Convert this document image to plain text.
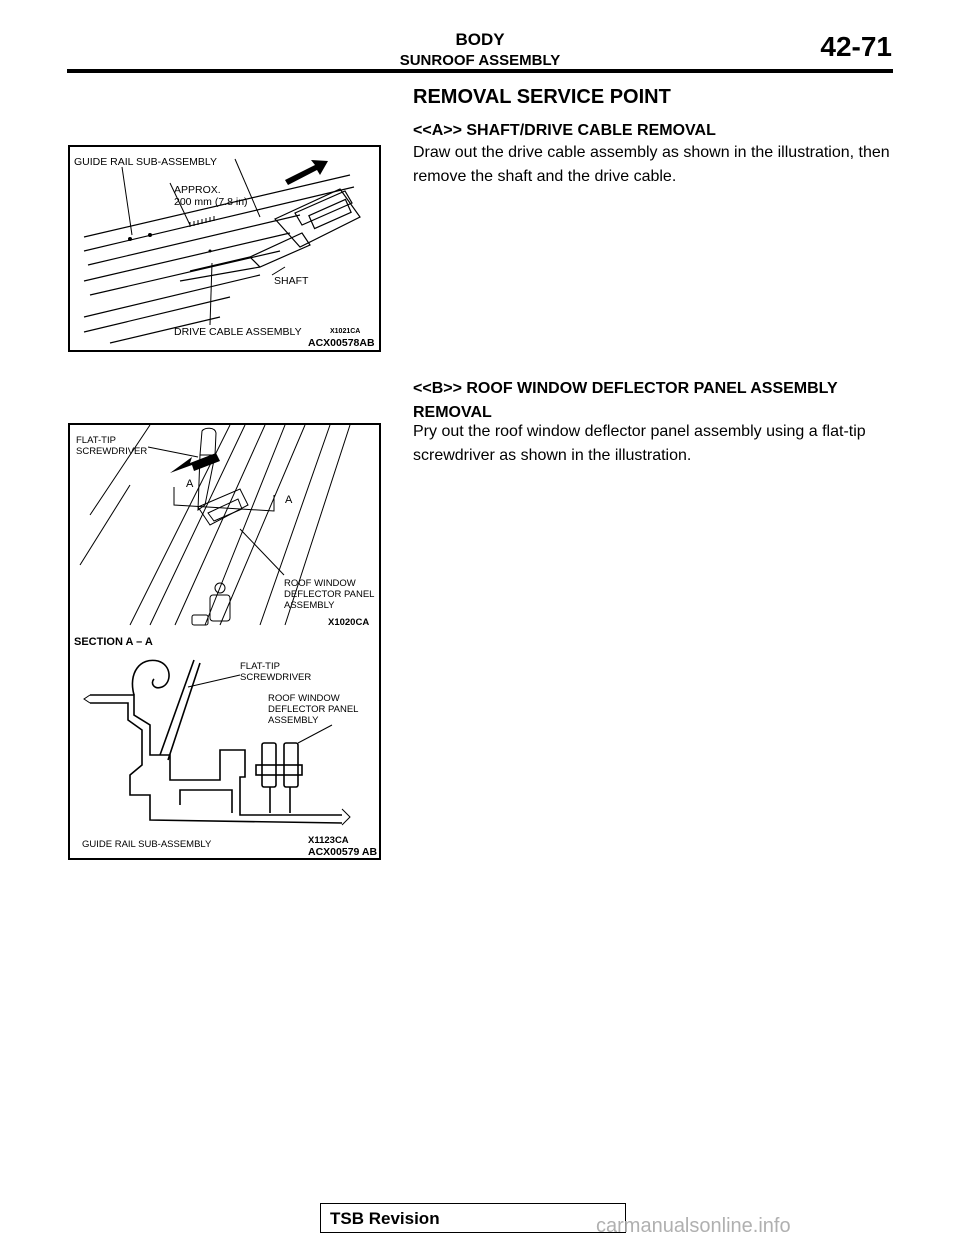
BODY
SUNROOF ASSEMBLY	42-71
REMOVAL SERVICE POINT
<<A>> SHAFT/DRIVE CABLE REMOVAL
Draw out the drive cable assembly as shown in the illustration, then remove the shaft and the drive cable.
<<B>> ROOF WINDOW DEFLECTOR PANEL ASSEMBLY REMOVAL
Pry out the roof window deflector panel assembly using a flat-tip screwdriver as shown in the illustration.
GUIDE RAIL SUB-ASSEMBLY
APPROX.
200 mm (7.8 in)
SHAFT
DRIVE CABLE ASSEMBLY	X1021CA
ACX00578AB
FLAT-TIP
SCREWDRIVER
A
A
ROOF WINDOW
DEFLECTOR PANEL
ASSEMBLY
X1020CA
SECTION A – A
FLAT-TIP
SCREWDRIVER
ROOF WINDOW
DEFLECTOR PANEL
ASSEMBLY
GUIDE RAIL SUB-ASSEMBLY	X1123CA
ACX00579 AB
TSB Revision	carmanualsonline.info
